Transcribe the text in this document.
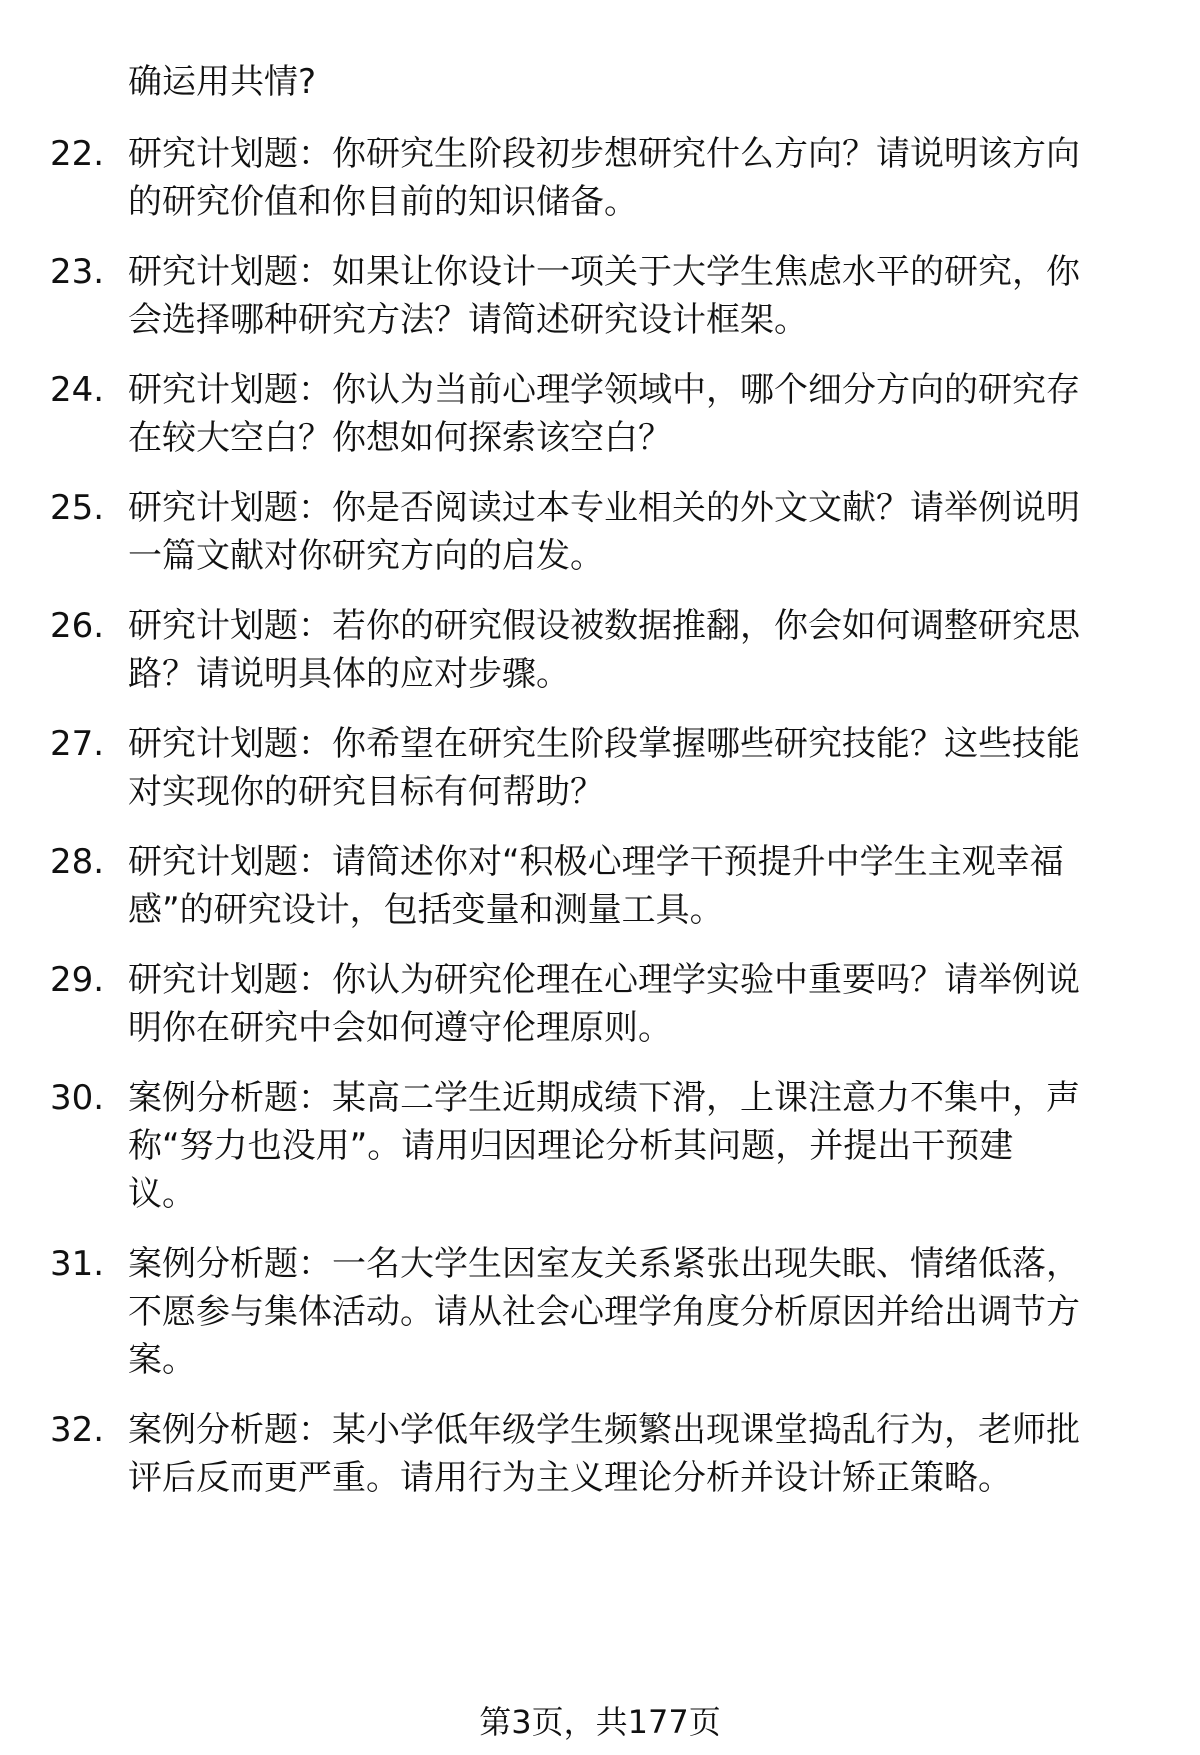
确运用共情?
22. 研究计划题：你研究生阶段初步想研究什么方向？请说明该方向
的研究价值和你目前的知识储备。
23. 研究计划题：如果让你设计一项关于大学生焦虑水平的研究，你
会选择哪种研究方法？请简述研究设计框架。
24. 研究计划题：你认为当前心理学领域中，哪个细分方向的研究存
在较大空白？你想如何探索该空白？
25. 研究计划题：你是否阅读过本专业相关的外文文献？请举例说明
一篇文献对你研究方向的启发。
26. 研究计划题：若你的研究假设被数据推翻，你会如何调整研究思
路？请说明具体的应对步骤。
27. 研究计划题：你希望在研究生阶段掌握哪些研究技能？这些技能
对实现你的研究目标有何帮助？
28. 研究计划题：请简述你对“积极心理学干预提升中学生主观幸福
感”的研究设计，包括变量和测量工具。
29. 研究计划题：你认为研究伦理在心理学实验中重要吗？请举例说
明你在研究中会如何遵守伦理原则。
30. 案例分析题：某高二学生近期成绩下滑，上课注意力不集中，声
称“努力也没用”。请用归因理论分析其问题，并提出干预建
议。
31. 案例分析题：一名大学生因室友关系紧张出现失眠、情绪低落，
不愿参与集体活动。请从社会心理学角度分析原因并给出调节方
案。
32. 案例分析题：某小学低年级学生频繁出现课堂捣乱行为，老师批
评后反而更严重。请用行为主义理论分析并设计矫正策略。
第3页，共177页
